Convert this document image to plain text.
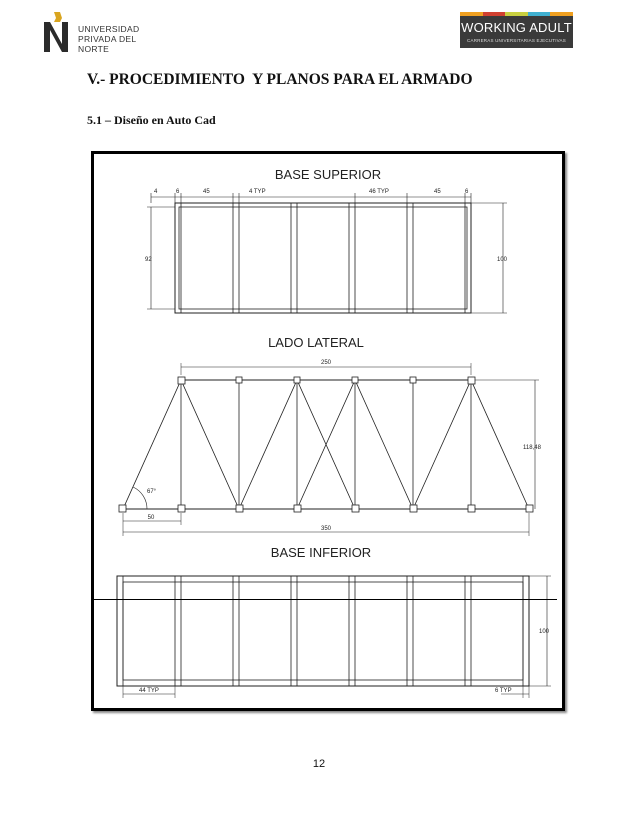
UNIVERSIDAD
PRIVADA DEL NORTE
WORKING ADULT
CARRERAS UNIVERSITARIAS EJECUTIVAS
V.- PROCEDIMIENTO  Y PLANOS PARA EL ARMADO
5.1 – Diseño en Auto Cad
BASE SUPERIOR
4	6	45	4 TYP	46 TYP	45	6
92	100
LADO LATERAL
250
118,48
67°
50
350
BASE INFERIOR
100
44 TYP	6 TYP
12
